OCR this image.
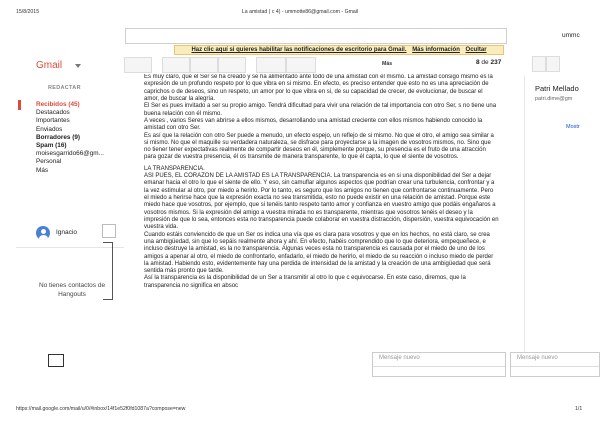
15/8/2015	La amistad ( c 4) - ummotte86@gmail.com - Gmail
ummc
Haz clic aquí si quieres habilitar las notificaciones de escritorio para Gmail. Más información Ocultar
Gmail	Más	8 de 237
REDACTAR
Recibidos (45)
Destacados
Importantes
Enviados
Borradores (9)
Spam (16)
moisesgarrido66@gm...
Personal
Más
Ignacio
No tienes contactos de
Hangouts

Es muy claro, que el Ser se ha creado y se ha alimentado ante todo de una amistad con el mismo. La amistad consigo mismo es la expresión de un profundo respeto por lo que vibra en si mismo. En efecto, es preciso entender que esto no es una apreciación de caprichos o de deseos, sino un respeto, un amor por lo que vibra en si, de su capacidad de crecer, de evolucionar, de buscar el amor, de buscar la alegría.

El Ser es pues invitado a ser su propio amigo. Tendrá dificultad para vivir una relación de tal importancia con otro Ser, s no tiene una buena relación con él mismo.

A veces , varios Seres van abrirse a ellos mismos, desarrollando una amistad creciente con ellos mismos habiendo conocido la amistad con otro Ser.

Es así que la relación con otro Ser puede a menudo, un efecto espejo, un reflejo de si mismo. No que el otro, el amigo sea similar a si mismo. No que el maquille su verdadera naturaleza, se disfrace para proyectarse a la imagen de vosotros mismos, no. Sino que no tiener tener expectativas realmente de compartir deseos en él, simplemente porque, su presencia es el fruto de una atracción para gozar de vuestra presencia, él os transmite de manera transparente, lo que él capta, lo que el siente de vosotros.

LA TRANSPARENCIA.

ASI PUES, EL CORAZON DE LA AMISTAD ES LA TRANSPARENCIA. La transparencia es en si una disponibilidad del Ser a dejar emanar hacia el otro lo que el siente de ello. Y eso, sin camuflar algunos aspectos que podrían crear una turbulencia, confrontar y a la vez estimular al otro, por miedo a herirlo. Por lo tanto, es seguro que los amigos no tienen que confrontarse continuamente. Pero el miedo a herirse hace que la expresión exacta no sea transmitida, esto no puede existir en una relación de amistad. Porque este miedo hace que vosotros, por ejemplo, que si tenéis tanto respeto tanto amor y confianza en vuestro amigo que podáis engañaros a vosotros mismos. Si la expresión del amigo a vuestra mirada no es transparente, mientras que vosotros tenéis el deseo y la impresión de que lo sea, entonces esta no transparencia puede colaborar en vuestra distracción, dispersión, vuestra equivocación en vuestra vida.

Cuando estáis conviencido de que un Ser os indica una vía que es clara para vosotros y que en los hechos, no está claro, se crea una ambigüedad, sin que lo sepáis realmente ahora y ahí. En efecto, habéis comprendido que lo que deteriora, empequeñece, e incluso destruye la amistad, es la no transparencia. Algunas veces esta no transparencia es causada por el miedo de uno de los amigos a apenar al otro, el miedo de confrontarlo, enfadarlo, el miedo de herirlo, el miedo de su reacción o incluso miedo de perder la amistad. Habiendo esto, evidentemente hay una perdida de intensidad de la amistad y la creación de una ambigüedad que será sentida más pronto que tarde.

Así la transparencia es la disponibilidad de un Ser a transmitir al otro lo que c equivocarse. En este caso, diremos, que la transparencia no significa en absoc

Patri Mellado
patri.dime@gm
Mostr
Mensaje nuevo	Mensaje nuevo
https://mail.google.com/mail/u/0/#inbox/14f1e52f0fd1087a?compose=new	1/1
